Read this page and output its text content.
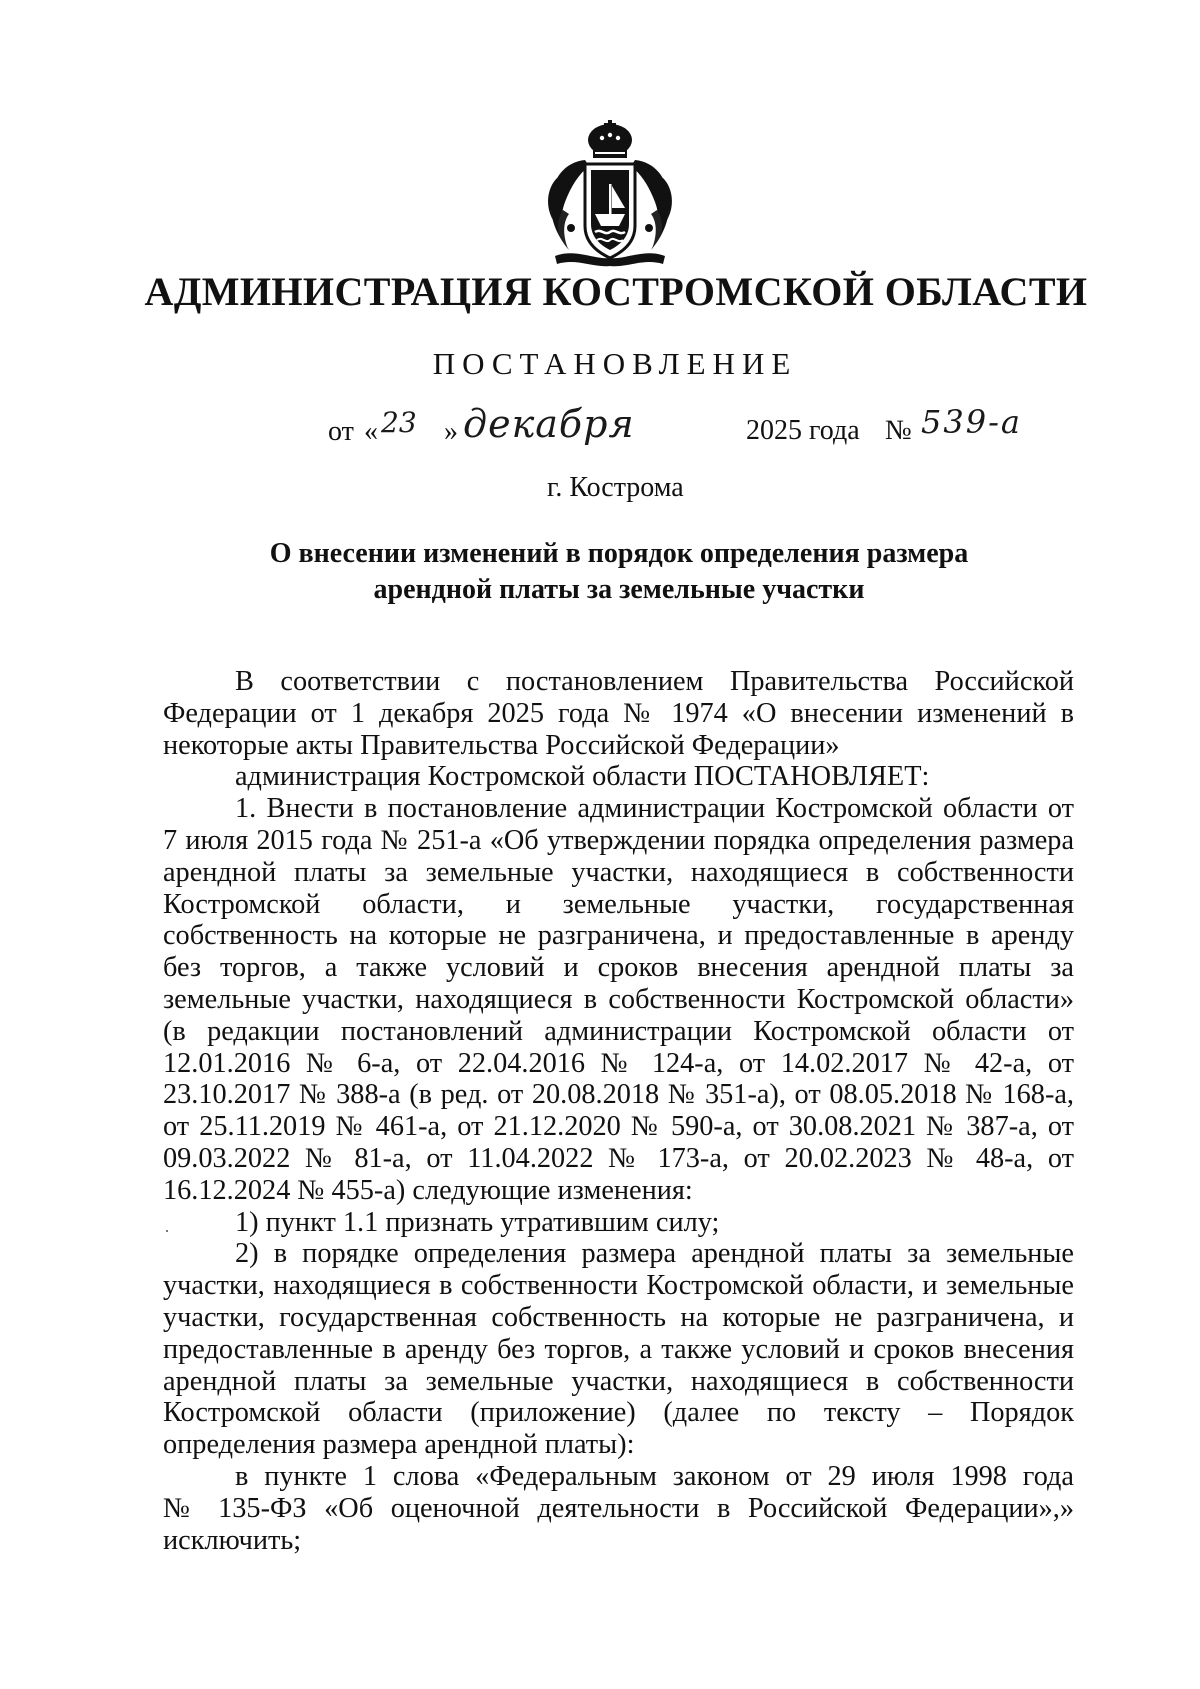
АДМИНИСТРАЦИЯ КОСТРОМСКОЙ ОБЛАСТИ
ПОСТАНОВЛЕНИЕ
от « 23 » декабря	2025 года № 539-а
г. Кострома
О внесении изменений в порядок определения размера
арендной платы за земельные участки
В соответствии с постановлением Правительства Российской
Федерации от 1 декабря 2025 года № 1974 «О внесении изменений в
некоторые акты Правительства Российской Федерации»
администрация Костромской области ПОСТАНОВЛЯЕТ:
1. Внести в постановление администрации Костромской области от
7 июля 2015 года № 251-а «Об утверждении порядка определения размера
арендной платы за земельные участки, находящиеся в собственности
Костромской области, и земельные участки, государственная
собственность на которые не разграничена, и предоставленные в аренду
без торгов, а также условий и сроков внесения арендной платы за
земельные участки, находящиеся в собственности Костромской области»
(в редакции постановлений администрации Костромской области от
12.01.2016 № 6-а, от 22.04.2016 № 124-а, от 14.02.2017 № 42-а, от
23.10.2017 № 388-а (в ред. от 20.08.2018 № 351-а), от 08.05.2018 № 168-а,
от 25.11.2019 № 461-а, от 21.12.2020 № 590-а, от 30.08.2021 № 387-а, от
09.03.2022 № 81-а, от 11.04.2022 № 173-а, от 20.02.2023 № 48-а, от
16.12.2024 № 455-а) следующие изменения:
1) пункт 1.1 признать утратившим силу;
2) в порядке определения размера арендной платы за земельные
участки, находящиеся в собственности Костромской области, и земельные
участки, государственная собственность на которые не разграничена, и
предоставленные в аренду без торгов, а также условий и сроков внесения
арендной платы за земельные участки, находящиеся в собственности
Костромской области (приложение) (далее по тексту – Порядок
определения размера арендной платы):
в пункте 1 слова «Федеральным законом от 29 июля 1998 года
№ 135-ФЗ «Об оценочной деятельности в Российской Федерации»,»
исключить;
